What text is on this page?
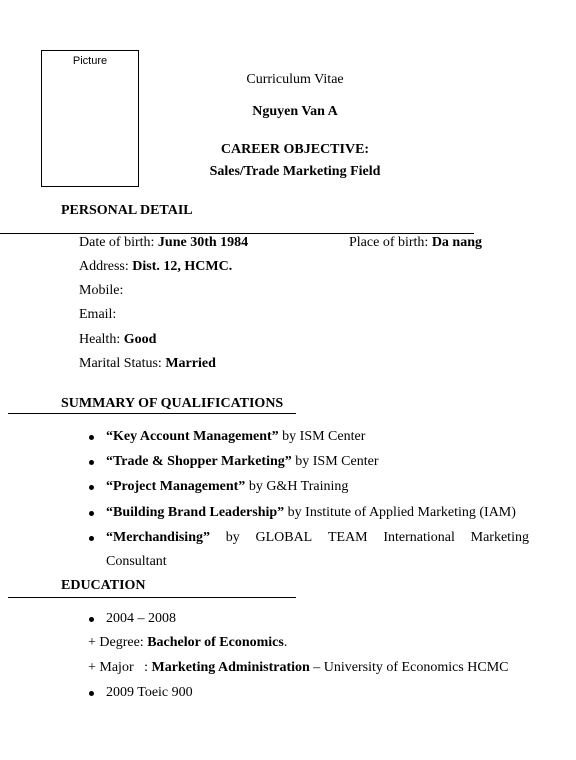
Picture
Curriculum Vitae
Nguyen Van A
CAREER OBJECTIVE:
Sales/Trade Marketing Field
PERSONAL DETAIL
Date of birth: June 30th 1984	Place of birth: Da nang
Address: Dist. 12, HCMC.
Mobile:
Email:
Health: Good
Marital Status: Married
SUMMARY OF QUALIFICATIONS
“Key Account Management” by ISM Center
“Trade & Shopper Marketing” by ISM Center
“Project Management” by G&H Training
“Building Brand Leadership” by Institute of Applied Marketing (IAM)
“Merchandising” by GLOBAL TEAM International Marketing
Consultant
EDUCATION
2004 – 2008
+ Degree: Bachelor of Economics.
+ Major   : Marketing Administration – University of Economics HCMC
2009 Toeic 900
